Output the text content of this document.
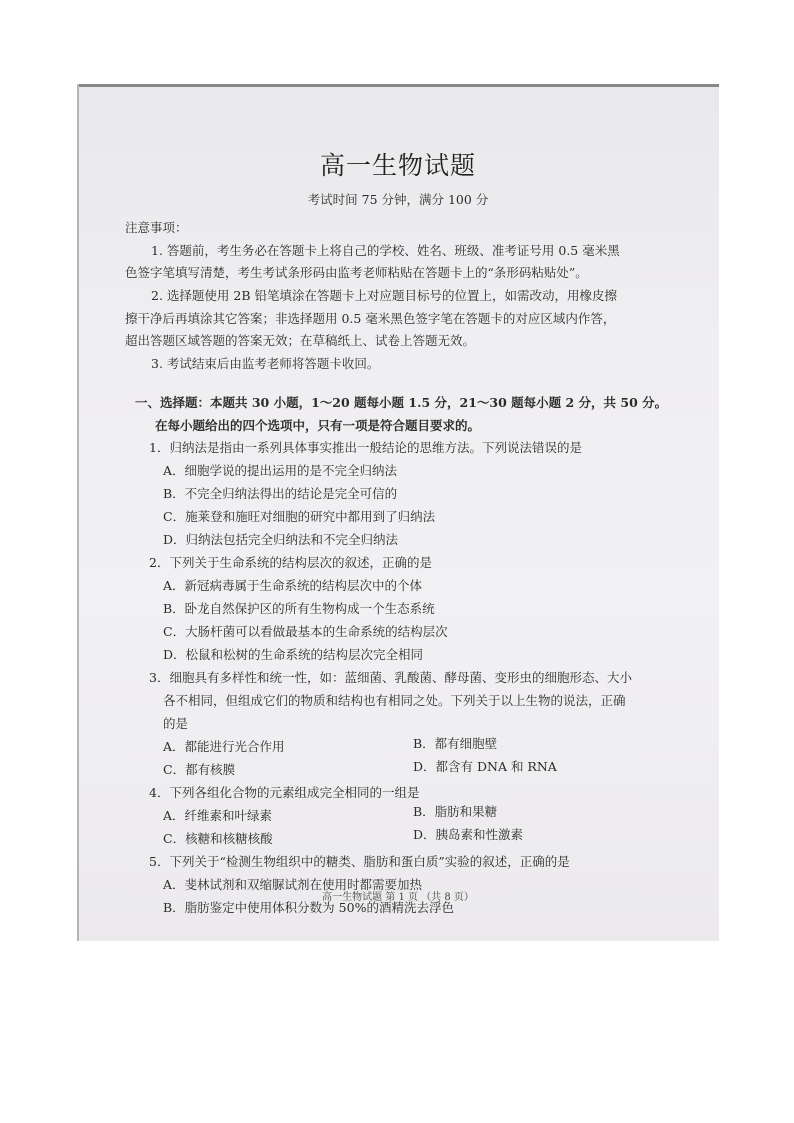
高一生物试题
考试时间 75 分钟，满分 100 分
注意事项：
1. 答题前，考生务必在答题卡上将自己的学校、姓名、班级、准考证号用 0.5 毫米黑
色签字笔填写清楚，考生考试条形码由监考老师粘贴在答题卡上的“条形码粘贴处”。
2. 选择题使用 2B 铅笔填涂在答题卡上对应题目标号的位置上，如需改动，用橡皮擦
擦干净后再填涂其它答案；非选择题用 0.5 毫米黑色签字笔在答题卡的对应区域内作答，
超出答题区域答题的答案无效；在草稿纸上、试卷上答题无效。
3. 考试结束后由监考老师将答题卡收回。
一、选择题：本题共 30 小题，1～20 题每小题 1.5 分，21～30 题每小题 2 分，共 50 分。
在每小题给出的四个选项中，只有一项是符合题目要求的。
1．归纳法是指由一系列具体事实推出一般结论的思维方法。下列说法错误的是
A．细胞学说的提出运用的是不完全归纳法
B．不完全归纳法得出的结论是完全可信的
C．施莱登和施旺对细胞的研究中都用到了归纳法
D．归纳法包括完全归纳法和不完全归纳法
2．下列关于生命系统的结构层次的叙述，正确的是
A．新冠病毒属于生命系统的结构层次中的个体
B．卧龙自然保护区的所有生物构成一个生态系统
C．大肠杆菌可以看做最基本的生命系统的结构层次
D．松鼠和松树的生命系统的结构层次完全相同
3．细胞具有多样性和统一性，如：蓝细菌、乳酸菌、酵母菌、变形虫的细胞形态、大小
各不相同，但组成它们的物质和结构也有相同之处。下列关于以上生物的说法，正确
的是
A．都能进行光合作用	B．都有细胞壁
C．都有核膜	D．都含有 DNA 和 RNA
4．下列各组化合物的元素组成完全相同的一组是
A．纤维素和叶绿素	B．脂肪和果糖
C．核糖和核糖核酸	D．胰岛素和性激素
5．下列关于“检测生物组织中的糖类、脂肪和蛋白质”实验的叙述，正确的是
A．斐林试剂和双缩脲试剂在使用时都需要加热
B．脂肪鉴定中使用体积分数为 50%的酒精洗去浮色
高一生物试题 第 1 页 （共 8 页）
